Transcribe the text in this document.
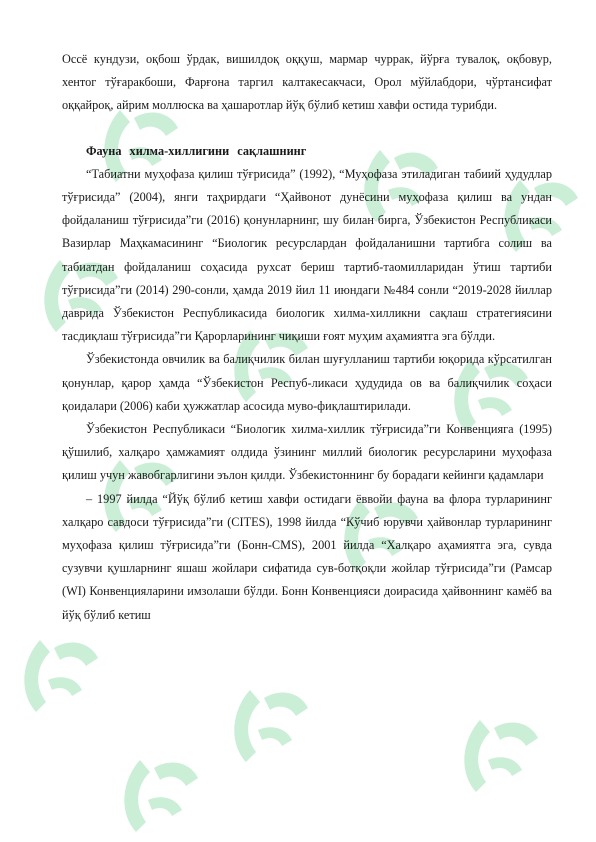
Оссё кундузи, оқбош ўрдак, вишилдоқ оққуш, мармар чуррак, йўрға тувалоқ, оқбовур, хентог тўғаракбоши, Фарғона таргил калтакесакчаси, Орол мўйлабдори, чўртансифат оққайроқ, айрим моллюска ва ҳашаротлар йўқ бўлиб кетиш хавфи остида турибди.

Фауна хилма-хиллигини сақлашнинг

“Табиатни муҳофаза қилиш тўғрисида” (1992), “Муҳофаза этиладиган табиий ҳудудлар тўғрисида” (2004), янги таҳрирдаги “Ҳайвонот дунёсини муҳофаза қилиш ва ундан фойдаланиш тўғрисида”ги (2016) қонунларнинг, шу билан бирга, Ўзбекистон Республикаси Вазирлар Маҳкамасининг “Биологик ресурслардан фойдаланишни тартибга солиш ва табиатдан фойдаланиш соҳасида рухсат бериш тартиб-таомилларидан ўтиш тартиби тўғрисида”ги (2014) 290-сонли, ҳамда 2019 йил 11 июндаги №484 сонли “2019-2028 йиллар даврида Ўзбекистон Республикасида биологик хилма-хилликни сақлаш стратегиясини тасдиқлаш тўғрисида”ги Қарорларининг чиқиши ғоят муҳим аҳамиятга эга бўлди.

Ўзбекистонда овчилик ва балиқчилик билан шуғулланиш тартиби юқорида кўрсатилган қонунлар, қарор ҳамда “Ўзбекистон Респуб-ликаси ҳудудида ов ва балиқчилик соҳаси қоидалари (2006) каби ҳужжатлар асосида муво-фиқлаштирилади.

Ўзбекистон Республикаси “Биологик хилма-хиллик тўғрисида”ги Конвенцияга (1995) қўшилиб, халқаро ҳамжамият олдида ўзининг миллий биологик ресурсларини муҳофаза қилиш учун жавобгарлигини эълон қилди. Ўзбекистоннинг бу борадаги кейинги қадамлари

– 1997 йилда “Йўқ бўлиб кетиш хавфи остидаги ёввойи фауна ва флора турларининг халқаро савдоси тўғрисида”ги (CITES), 1998 йилда “Кўчиб юрувчи ҳайвонлар турларининг муҳофаза қилиш тўғрисида”ги (Бонн-CMS), 2001 йилда “Халқаро аҳамиятга эга, сувда сузувчи қушларнинг яшаш жойлари сифатида сув-ботқоқли жойлар тўғрисида”ги (Рамсар (WI) Конвенцияларини имзолаши бўлди. Бонн Конвенцияси доирасида ҳайвоннинг камёб ва йўқ бўлиб кетиш
